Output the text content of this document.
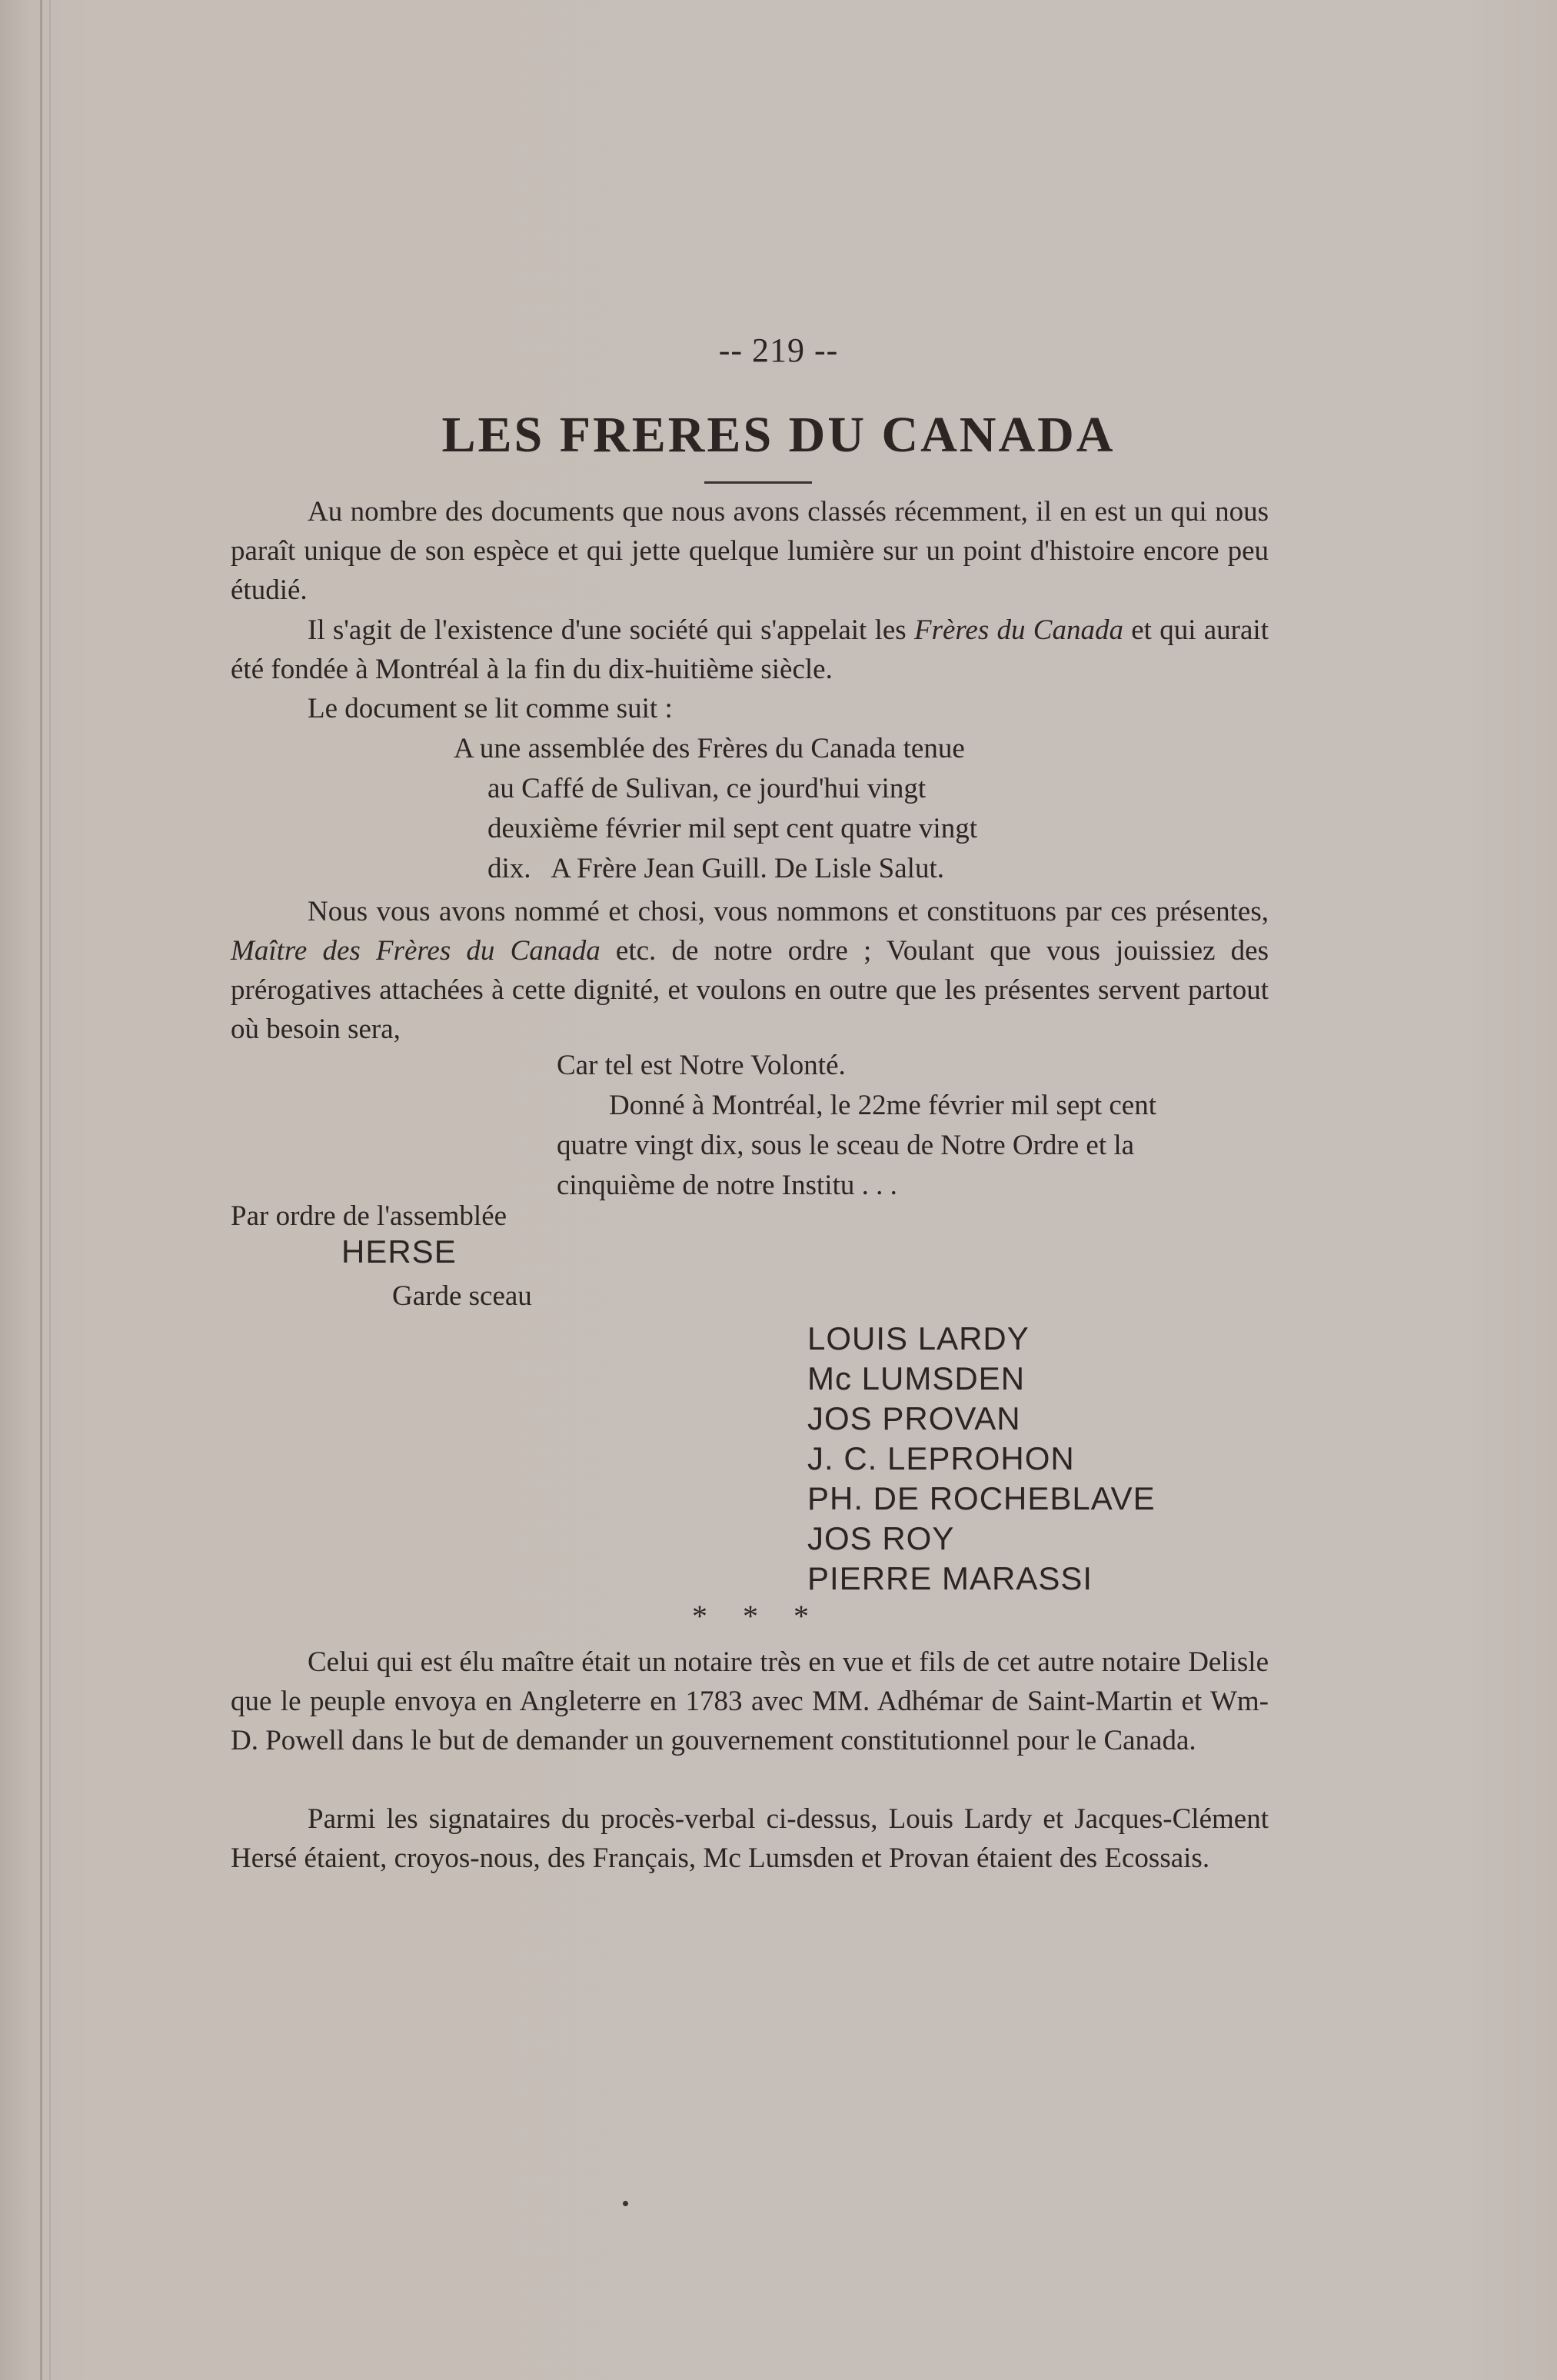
-- 219 --
LES FRERES DU CANADA
Au nombre des documents que nous avons classés récemment, il en est un qui nous paraît unique de son espèce et qui jette quelque lumière sur un point d'histoire encore peu étudié.
Il s'agit de l'existence d'une société qui s'appelait les Frères du Canada et qui aurait été fondée à Montréal à la fin du dix-huitième siècle.
Le document se lit comme suit :
A une assemblée des Frères du Canada tenue
au Caffé de Sulivan, ce jourd'hui vingt
deuxième février mil sept cent quatre vingt
dix.   A Frère Jean Guill. De Lisle Salut.
Nous vous avons nommé et chosi, vous nommons et constituons par ces présentes, Maître des Frères du Canada etc. de notre ordre ; Voulant que vous jouissiez des prérogatives attachées à cette dignité, et voulons en outre que les présentes servent partout où besoin sera,
Car tel est Notre Volonté.
Donné à Montréal, le 22me février mil sept cent
quatre vingt dix, sous le sceau de Notre Ordre et la
cinquième de notre Institu . . .
Par ordre de l'assemblée
HERSE
Garde sceau
LOUIS LARDY
Mc LUMSDEN
JOS PROVAN
J. C. LEPROHON
PH. DE ROCHEBLAVE
JOS ROY
PIERRE MARASSI
* * *
Celui qui est élu maître était un notaire très en vue et fils de cet autre notaire Delisle que le peuple envoya en Angleterre en 1783 avec MM. Adhémar de Saint-Martin et Wm-D. Powell dans le but de demander un gouvernement constitutionnel pour le Canada.
Parmi les signataires du procès-verbal ci-dessus, Louis Lardy et Jacques-Clément Hersé étaient, croyos-nous, des Français, Mc Lumsden et Provan étaient des Ecossais.
